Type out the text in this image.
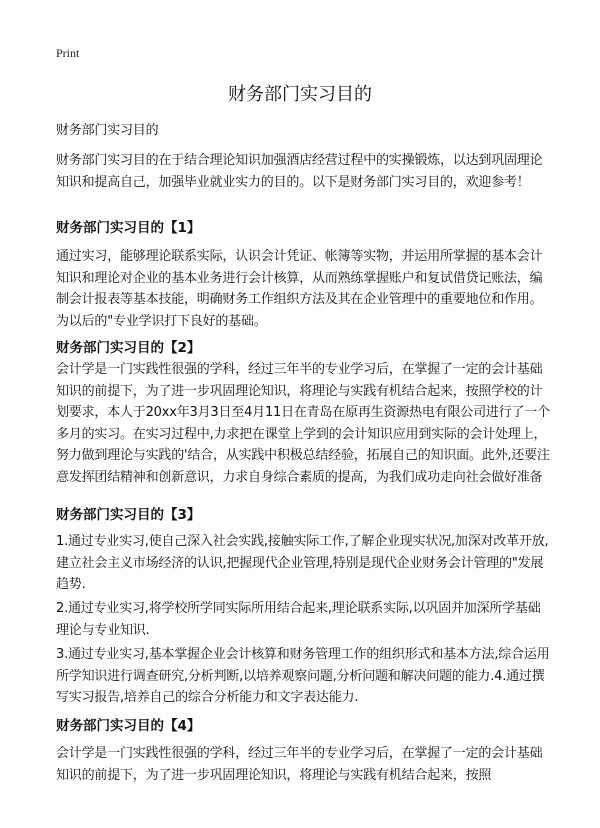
Print
财务部门实习目的

财务部门实习目的

财务部门实习目的在于结合理论知识加强酒店经营过程中的实操锻炼，以达到巩固理论知识和提高自己，加强毕业就业实力的目的。以下是财务部门实习目的，欢迎参考！

财务部门实习目的【1】

通过实习，能够理论联系实际，认识会计凭证、帐簿等实物，并运用所掌握的基本会计知识和理论对企业的基本业务进行会计核算，从而熟练掌握账户和复试借贷记账法，编制会计报表等基本技能，明确财务工作组织方法及其在企业管理中的重要地位和作用。为以后的"专业学识打下良好的基础。

财务部门实习目的【2】

会计学是一门实践性很强的学科，经过三年半的专业学习后，在掌握了一定的会计基础知识的前提下，为了进一步巩固理论知识，将理论与实践有机结合起来，按照学校的计划要求，本人于20xx年3月3日至4月11日在青岛在原再生资源热电有限公司进行了一个多月的实习。在实习过程中,力求把在课堂上学到的会计知识应用到实际的会计处理上，努力做到理论与实践的'结合，从实践中积极总结经验，拓展自己的知识面。此外,还要注意发挥团结精神和创新意识，力求自身综合素质的提高，为我们成功走向社会做好准备

财务部门实习目的【3】

1.通过专业实习,使自己深入社会实践,接触实际工作,了解企业现实状况,加深对改革开放,建立社会主义市场经济的认识,把握现代企业管理,特别是现代企业财务会计管理的"发展趋势.

2.通过专业实习,将学校所学同实际所用结合起来,理论联系实际,以巩固并加深所学基础理论与专业知识.

3.通过专业实习,基本掌握企业会计核算和财务管理工作的组织形式和基本方法,综合运用所学知识进行调查研究,分析判断,以培养观察问题,分析问题和解决问题的能力.4.通过撰写实习报告,培养自己的综合分析能力和文字表达能力.

财务部门实习目的【4】

会计学是一门实践性很强的学科，经过三年半的专业学习后，在掌握了一定的会计基础知识的前提下，为了进一步巩固理论知识，将理论与实践有机结合起来，按照
